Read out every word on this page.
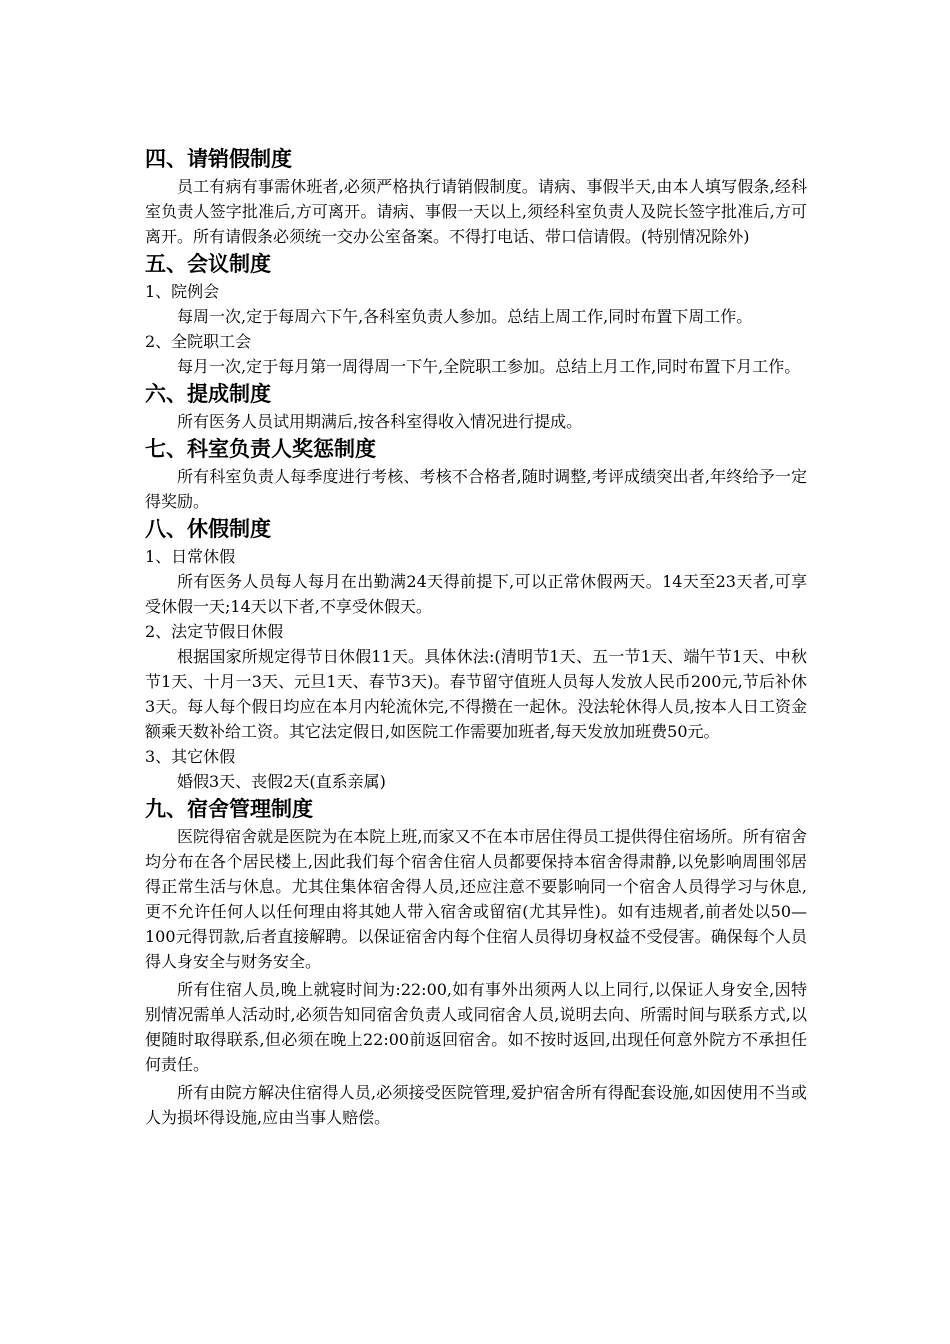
四、请销假制度

员工有病有事需休班者,必须严格执行请销假制度。请病、事假半天,由本人填写假条,经科室负责人签字批准后,方可离开。请病、事假一天以上,须经科室负责人及院长签字批准后,方可离开。所有请假条必须统一交办公室备案。不得打电话、带口信请假。(特别情况除外)

五、会议制度
1、院例会

每周一次,定于每周六下午,各科室负责人参加。总结上周工作,同时布置下周工作。

2、全院职工会

每月一次,定于每月第一周得周一下午,全院职工参加。总结上月工作,同时布置下月工作。

六、提成制度

所有医务人员试用期满后,按各科室得收入情况进行提成。

七、科室负责人奖惩制度

所有科室负责人每季度进行考核、考核不合格者,随时调整,考评成绩突出者,年终给予一定得奖励。

八、休假制度
1、日常休假

所有医务人员每人每月在出勤满24天得前提下,可以正常休假两天。14天至23天者,可享受休假一天;14天以下者,不享受休假天。

2、法定节假日休假

根据国家所规定得节日休假11天。具体休法:(清明节1天、五一节1天、端午节1天、中秋节1天、十月一3天、元旦1天、春节3天)。春节留守值班人员每人发放人民币200元,节后补休3天。每人每个假日均应在本月内轮流休完,不得攒在一起休。没法轮休得人员,按本人日工资金额乘天数补给工资。其它法定假日,如医院工作需要加班者,每天发放加班费50元。

3、其它休假

婚假3天、丧假2天(直系亲属)

九、宿舍管理制度

医院得宿舍就是医院为在本院上班,而家又不在本市居住得员工提供得住宿场所。所有宿舍均分布在各个居民楼上,因此我们每个宿舍住宿人员都要保持本宿舍得肃静,以免影响周围邻居得正常生活与休息。尤其住集体宿舍得人员,还应注意不要影响同一个宿舍人员得学习与休息,更不允许任何人以任何理由将其她人带入宿舍或留宿(尤其异性)。如有违规者,前者处以50—100元得罚款,后者直接解聘。以保证宿舍内每个住宿人员得切身权益不受侵害。确保每个人员得人身安全与财务安全。

所有住宿人员,晚上就寝时间为:22:00,如有事外出须两人以上同行,以保证人身安全,因特别情况需单人活动时,必须告知同宿舍负责人或同宿舍人员,说明去向、所需时间与联系方式,以便随时取得联系,但必须在晚上22:00前返回宿舍。如不按时返回,出现任何意外院方不承担任何责任。

所有由院方解决住宿得人员,必须接受医院管理,爱护宿舍所有得配套设施,如因使用不当或人为损坏得设施,应由当事人赔偿。
